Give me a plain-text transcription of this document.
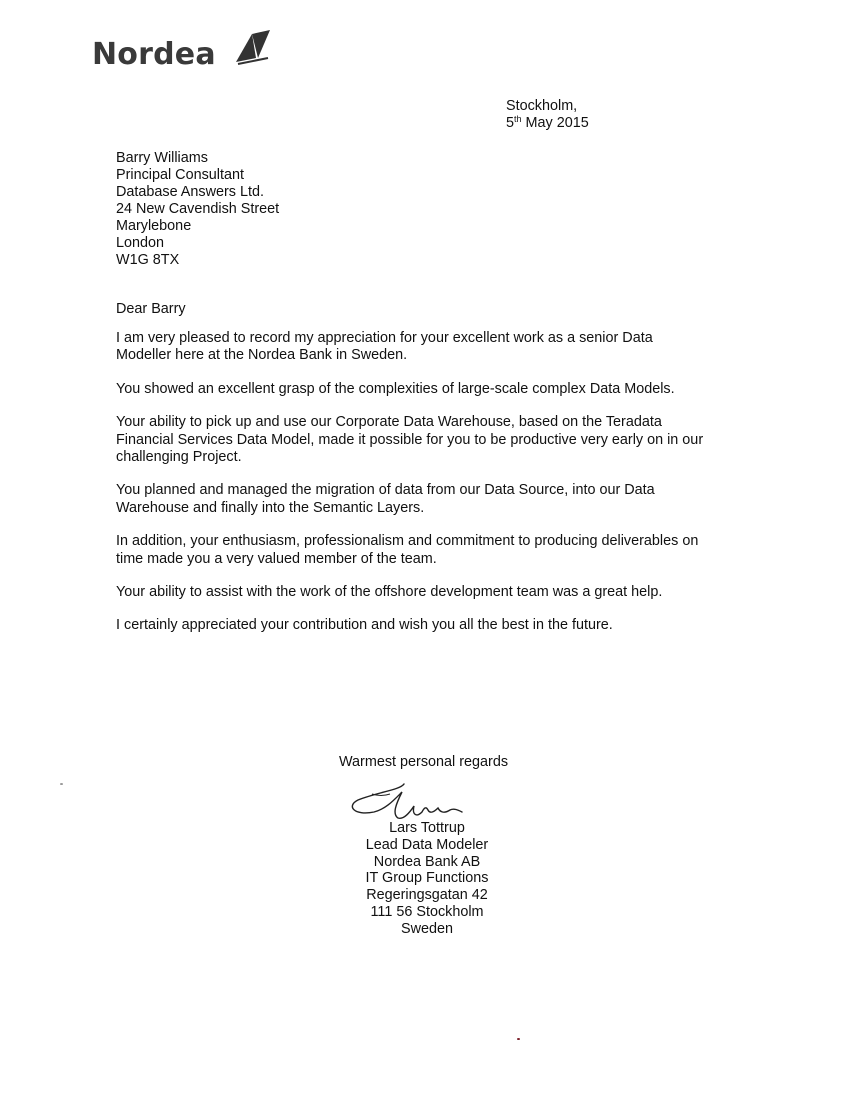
Nordea
Stockholm,
5th May 2015
Barry Williams
Principal Consultant
Database Answers Ltd.
24 New Cavendish Street
Marylebone
London
W1G 8TX
Dear Barry
I am very pleased to record my appreciation for your excellent work as a senior Data
Modeller here at the Nordea Bank in Sweden.
You showed an excellent grasp of the complexities of large-scale complex Data Models.
Your ability to pick up and use our Corporate Data Warehouse, based on the Teradata
Financial Services Data Model, made it possible for you to be productive very early on in our
challenging Project.
You planned and managed the migration of data from our Data Source, into our Data
Warehouse and finally into the Semantic Layers.
In addition, your enthusiasm, professionalism and commitment to producing deliverables on
time made you a very valued member of the team.
Your ability to assist with the work of the offshore development team was a great help.
I certainly appreciated your contribution and wish you all the best in the future.
Warmest personal regards
Lars Tottrup
Lead Data Modeler
Nordea Bank AB
IT Group Functions
Regeringsgatan 42
111 56 Stockholm
Sweden
